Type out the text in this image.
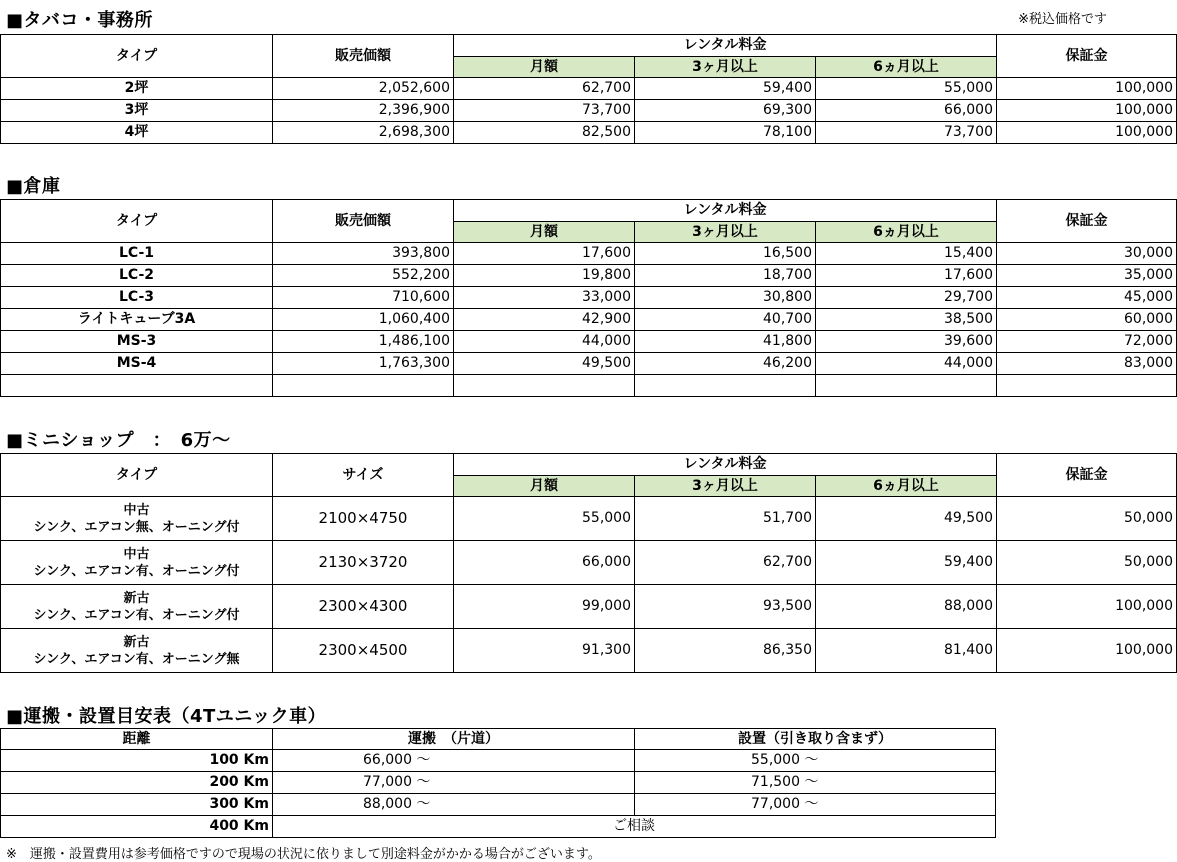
■タバコ・事務所	※税込価格です
タイプ	販売価額	レンタル料金			保証金
		月額	3ヶ月以上	6ヵ月以上	
2坪	2,052,600	62,700	59,400	55,000	100,000
3坪	2,396,900	73,700	69,300	66,000	100,000
4坪	2,698,300	82,500	78,100	73,700	100,000
■倉庫
タイプ	販売価額	レンタル料金			保証金
		月額	3ヶ月以上	6ヵ月以上	
LC-1	393,800	17,600	16,500	15,400	30,000
LC-2	552,200	19,800	18,700	17,600	35,000
LC-3	710,600	33,000	30,800	29,700	45,000
ライトキューブ3A	1,060,400	42,900	40,700	38,500	60,000
MS-3	1,486,100	44,000	41,800	39,600	72,000
MS-4	1,763,300	49,500	46,200	44,000	83,000

■ミニショップ　：　6万～
タイプ	サイズ	レンタル料金			保証金
		月額	3ヶ月以上	6ヵ月以上	

中古
シンク、エアコン無、オーニング付	2100×4750	55,000	51,700	49,500	50,000

中古
シンク、エアコン有、オーニング付	2130×3720	66,000	62,700	59,400	50,000

新古
シンク、エアコン有、オーニング付	2300×4300	99,000	93,500	88,000	100,000

新古
シンク、エアコン有、オーニング無	2300×4500	91,300	86,350	81,400	100,000
■運搬・設置目安表（4Tユニック車）
距離	運搬　（片道）	設置（引き取り含まず）
100 Km	66,000 ～	55,000 ～
200 Km	77,000 ～	71,500 ～
300 Km	88,000 ～	77,000 ～
400 Km	ご相談	
※　運搬・設置費用は参考価格ですので現場の状況に依りまして別途料金がかかる場合がございます。
